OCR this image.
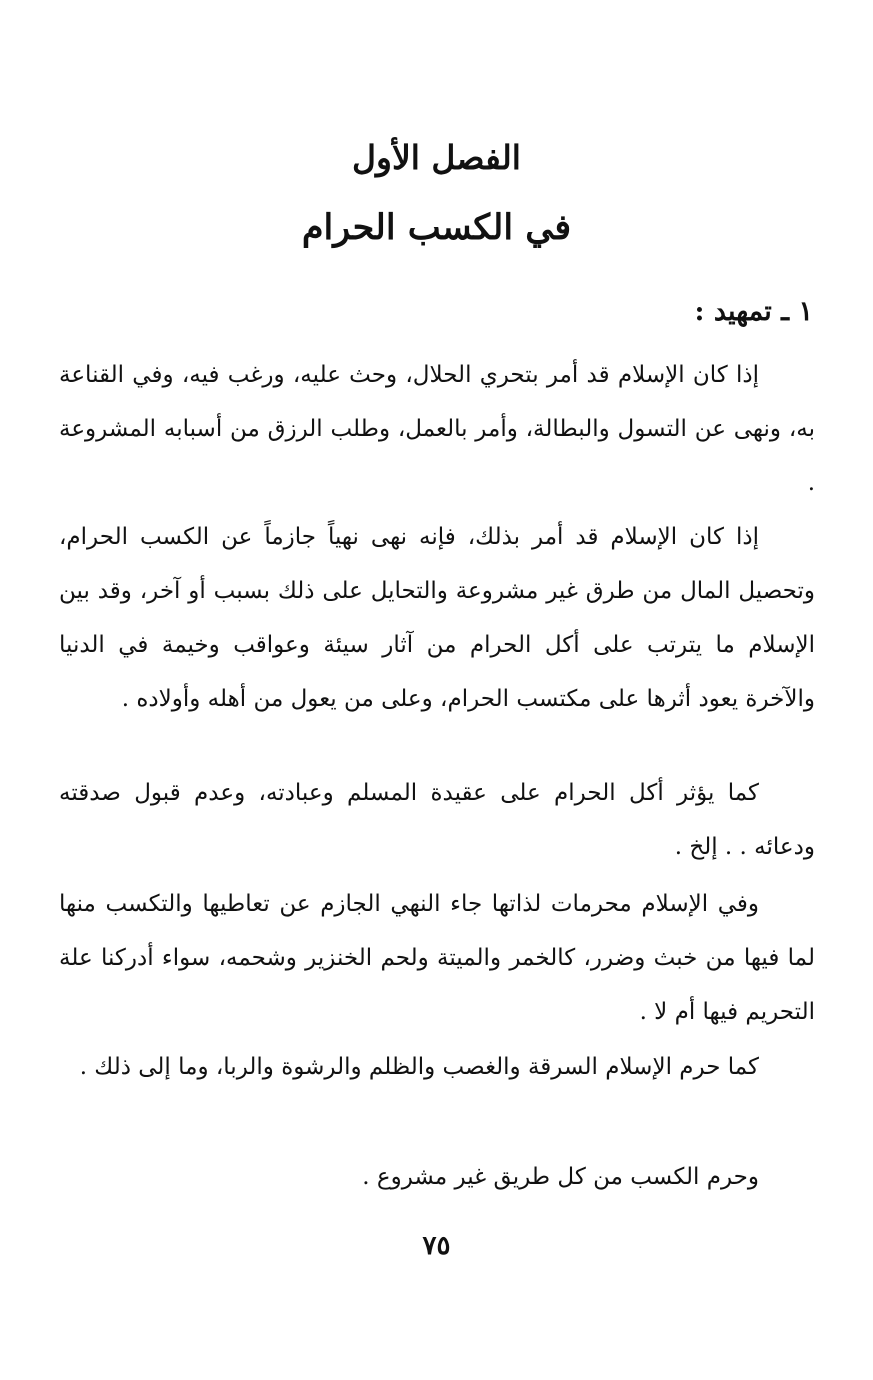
الفصل الأول
في الكسب الحرام
١ ـ تمهيد :

إذا كان الإسلام قد أمر بتحري الحلال، وحث عليه، ورغب فيه، وفي القناعة به، ونهى عن التسول والبطالة، وأمر بالعمل، وطلب الرزق من أسبابه المشروعة .

إذا كان الإسلام قد أمر بذلك، فإنه نهى نهياً جازماً عن الكسب الحرام، وتحصيل المال من طرق غير مشروعة والتحايل على ذلك بسبب أو آخر، وقد بين الإسلام ما يترتب على أكل الحرام من آثار سيئة وعواقب وخيمة في الدنيا والآخرة يعود أثرها على مكتسب الحرام، وعلى من يعول من أهله وأولاده .

كما يؤثر أكل الحرام على عقيدة المسلم وعبادته، وعدم قبول صدقته ودعائه . . إلخ .

وفي الإسلام محرمات لذاتها جاء النهي الجازم عن تعاطيها والتكسب منها لما فيها من خبث وضرر، كالخمر والميتة ولحم الخنزير وشحمه، سواء أدركنا علة التحريم فيها أم لا .

كما حرم الإسلام السرقة والغصب والظلم والرشوة والربا، وما إلى ذلك .

وحرم الكسب من كل طريق غير مشروع .

٧٥
